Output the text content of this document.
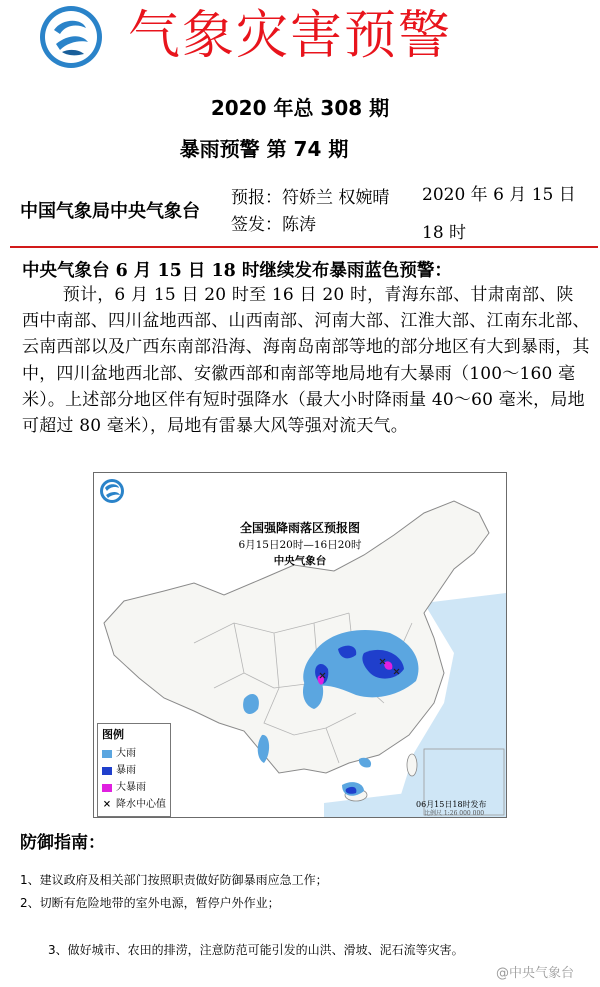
气象灾害预警
2020 年总 308 期
暴雨预警 第 74 期
中国气象局中央气象台
预报：符娇兰 权婉晴
签发：陈涛
2020 年 6 月 15 日 18 时
中央气象台 6 月 15 日 18 时继续发布暴雨蓝色预警：
预计，6 月 15 日 20 时至 16 日 20 时，青海东部、甘肃南部、陕西中南部、四川盆地西部、山西南部、河南大部、江淮大部、江南东北部、云南西部以及广西东南部沿海、海南岛南部等地的部分地区有大到暴雨，其中，四川盆地西北部、安徽西部和南部等地局地有大暴雨（100～160 毫米）。上述部分地区伴有短时强降水（最大小时降雨量 40～60 毫米，局地可超过 80 毫米），局地有雷暴大风等强对流天气。
全国强降雨落区预报图
6月15日20时—16日20时
中央气象台
图例
大雨
暴雨
大暴雨
× 降水中心值	06月15日18时发布
比例尺 1:26 000 000
防御指南：
1、建议政府及相关部门按照职责做好防御暴雨应急工作；
2、切断有危险地带的室外电源，暂停户外作业；
3、做好城市、农田的排涝，注意防范可能引发的山洪、滑坡、泥石流等灾害。
@中央气象台
